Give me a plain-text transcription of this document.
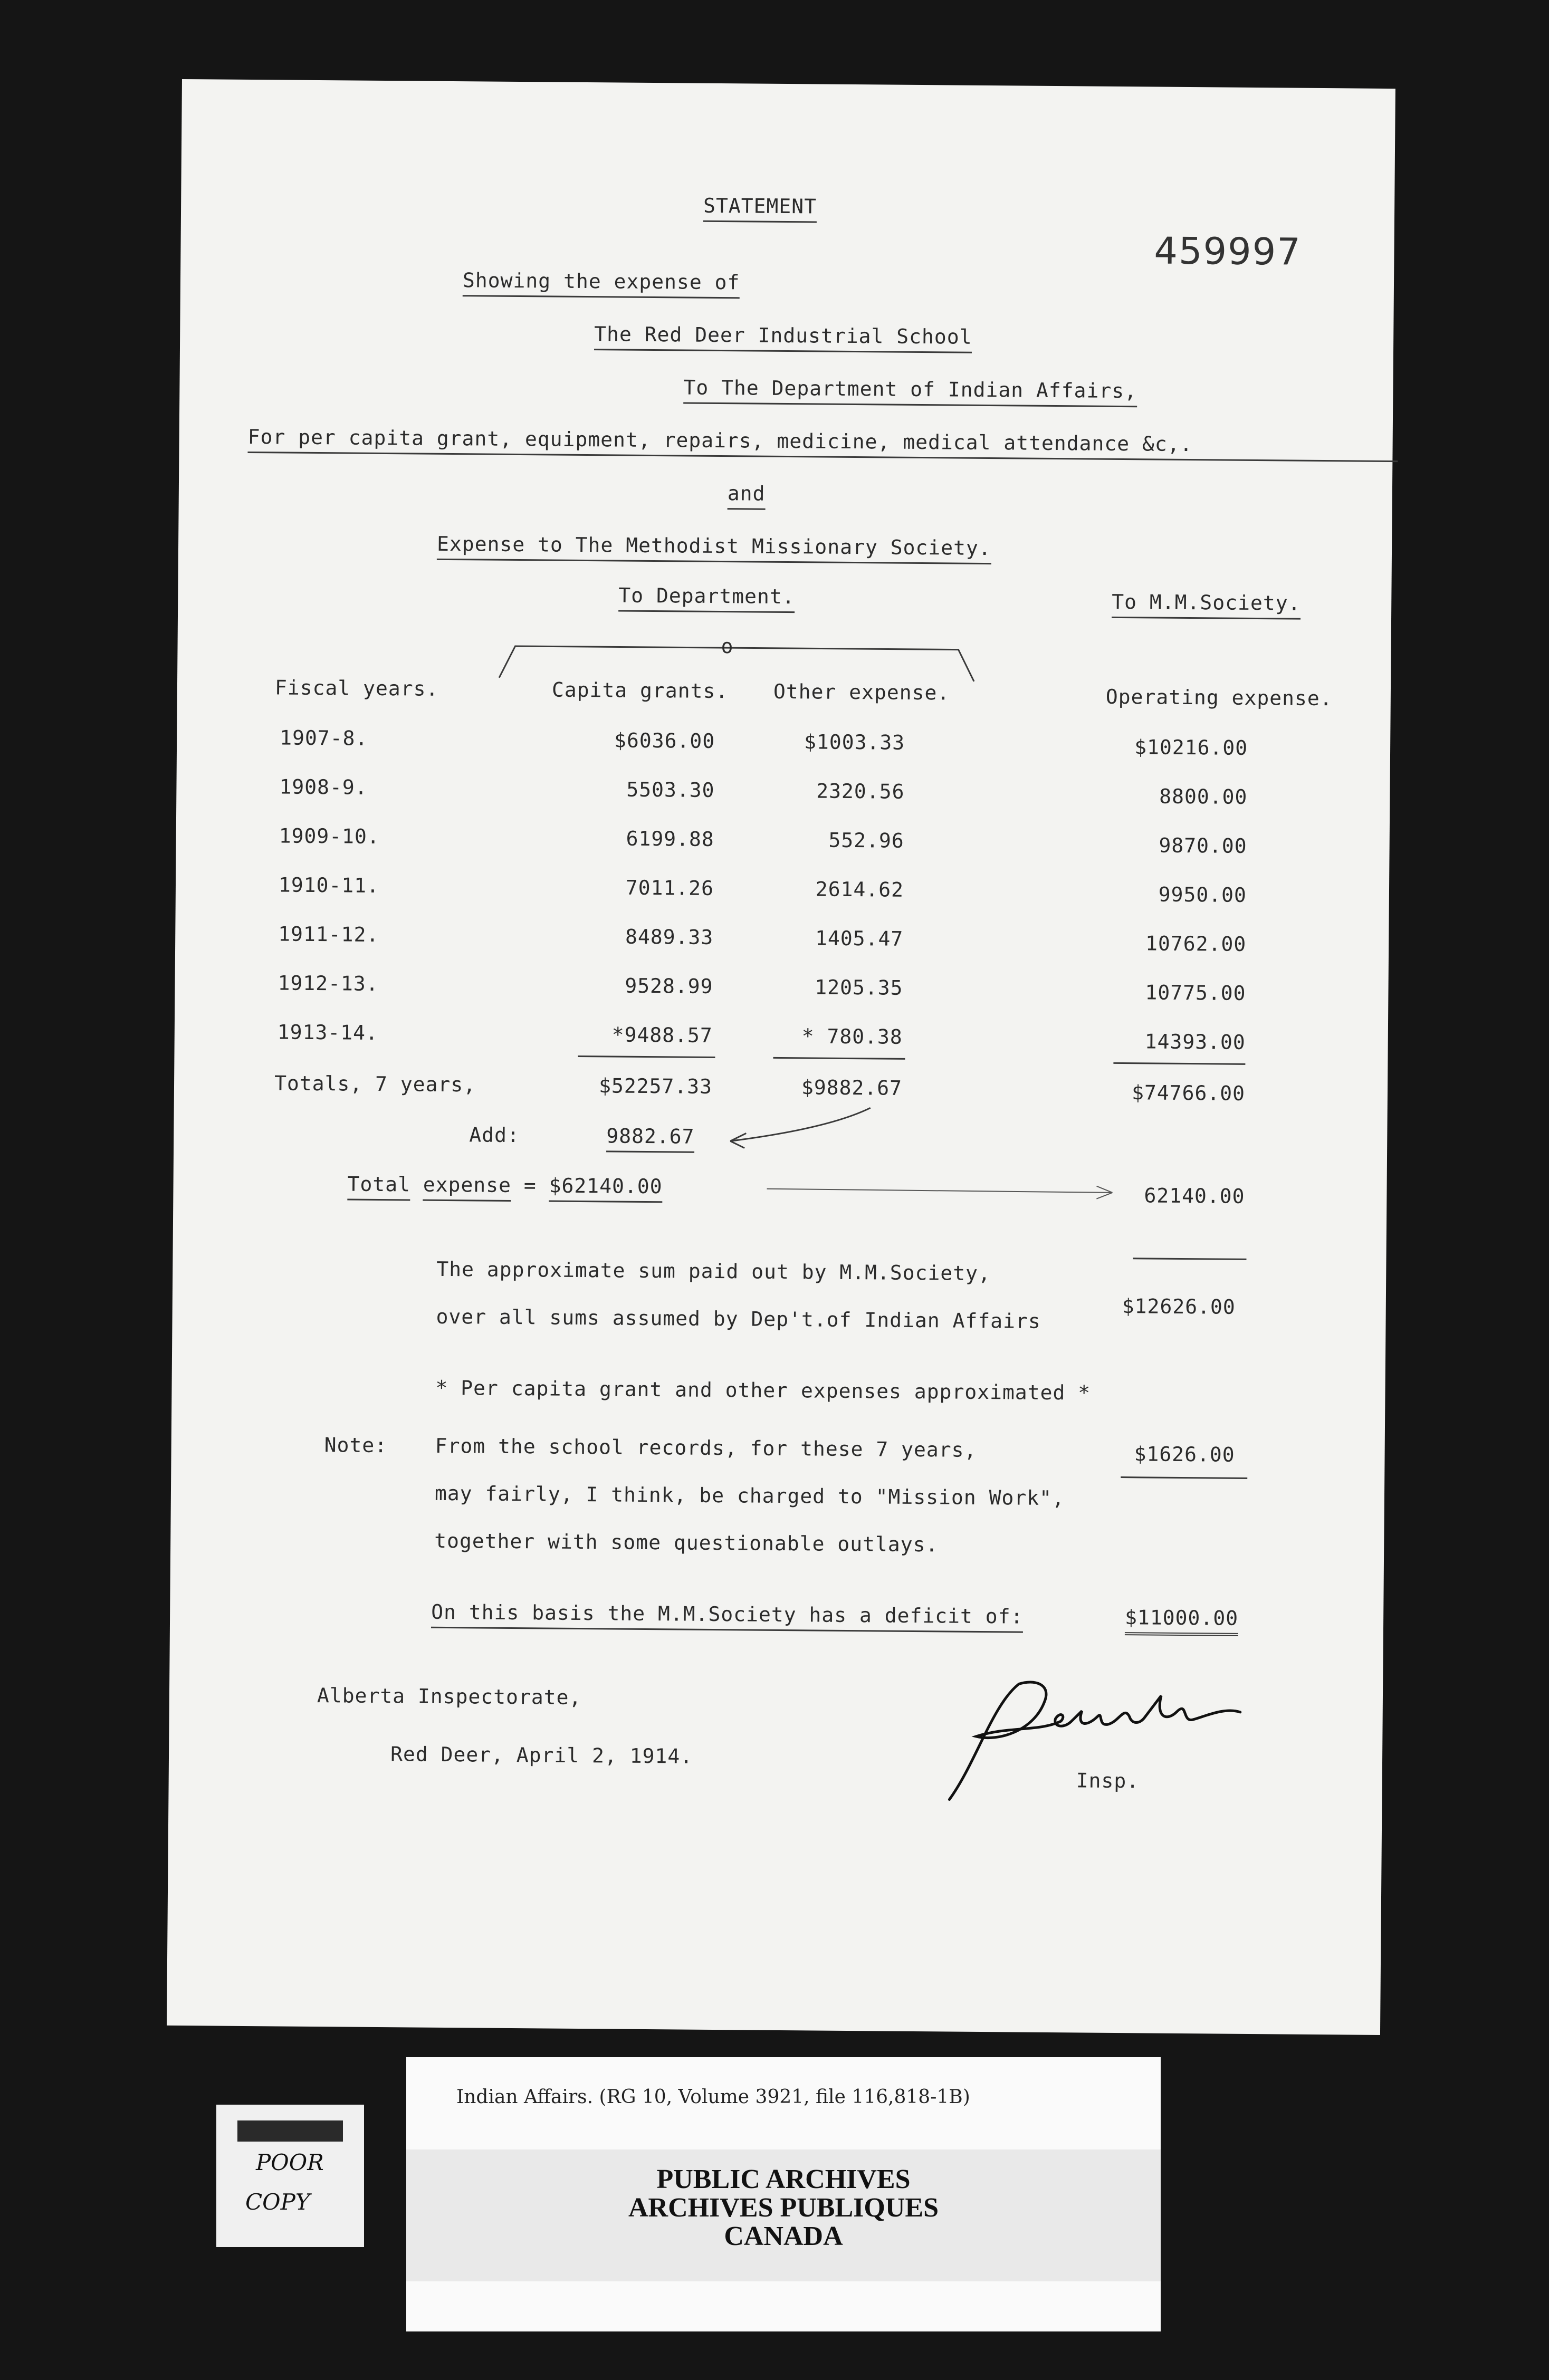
459997
STATEMENT
Showing the expense of
The Red Deer Industrial School
To The Department of Indian Affairs,
For per capita grant, equipment, repairs, medicine, medical attendance &c,.
and
Expense to The Methodist Missionary Society.
To Department.	To M.M.Society.
o
Fiscal years.	Capita grants. Other expense.	Operating expense.
1907-8.	$6036.00	$1003.33	$10216.00
1908-9.	5503.30	2320.56	8800.00
1909-10.	6199.88	552.96	9870.00
1910-11.	7011.26	2614.62	9950.00
1911-12.	8489.33	1405.47	10762.00
1912-13.	9528.99	1205.35	10775.00
1913-14.	*9488.57	* 780.38	14393.00
Totals, 7 years,	$52257.33	$9882.67	$74766.00
Add:	9882.67
Total expense = $62140.00	62140.00
The approximate sum paid out by M.M.Society,
over all sums assumed by Dep't.of Indian Affairs	$12626.00
* Per capita grant and other expenses approximated *
Note: From the school records, for these 7 years,	$1626.00
may fairly, I think, be charged to "Mission Work",
together with some questionable outlays.
On this basis the M.M.Society has a deficit of:	$11000.00
Alberta Inspectorate,
Red Deer, April 2, 1914.
Insp.
Indian Affairs. (RG 10, Volume 3921, file 116,818-1B)
PUBLIC ARCHIVES
ARCHIVES PUBLIQUES
CANADA
POOR
COPY
